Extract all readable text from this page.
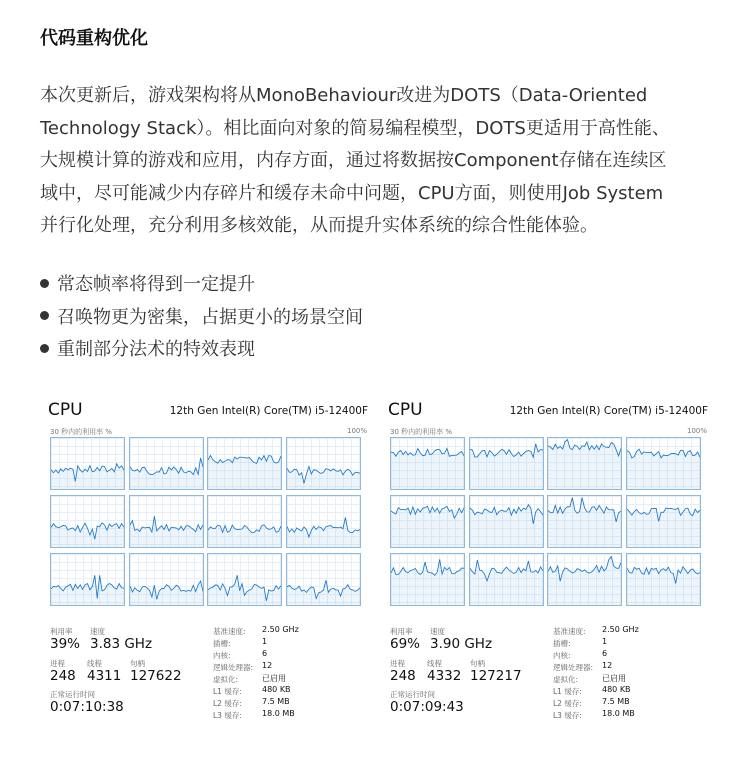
代码重构优化
本次更新后，游戏架构将从MonoBehaviour改进为DOTS（Data-Oriented
Technology Stack）。相比面向对象的简易编程模型，DOTS更适用于高性能、
大规模计算的游戏和应用，内存方面，通过将数据按Component存储在连续区
域中，尽可能减少内存碎片和缓存未命中问题，CPU方面，则使用Job System
并行化处理，充分利用多核效能，从而提升实体系统的综合性能体验。
常态帧率将得到一定提升
召唤物更为密集，占据更小的场景空间
重制部分法术的特效表现
CPU	12th Gen Intel(R) Core(TM) i5-12400F
30 秒内的利用率 %	100%
利用率 速度
39% 3.83 GHz
进程	线程	句柄
248 4311 127622
正常运行时间
0:07:10:38
基准速度: 2.50 GHz
插槽:	1
内核:	6
逻辑处理器: 12
虚拟化:	已启用
L1 缓存:	480 KB
L2 缓存:	7.5 MB
L3 缓存:	18.0 MB
CPU	12th Gen Intel(R) Core(TM) i5-12400F
30 秒内的利用率 %	100%
利用率 速度
69% 3.90 GHz
进程	线程	句柄
248 4332 127217
正常运行时间
0:07:09:43
基准速度: 2.50 GHz
插槽:	1
内核:	6
逻辑处理器: 12
虚拟化:	已启用
L1 缓存:	480 KB
L2 缓存:	7.5 MB
L3 缓存:	18.0 MB
